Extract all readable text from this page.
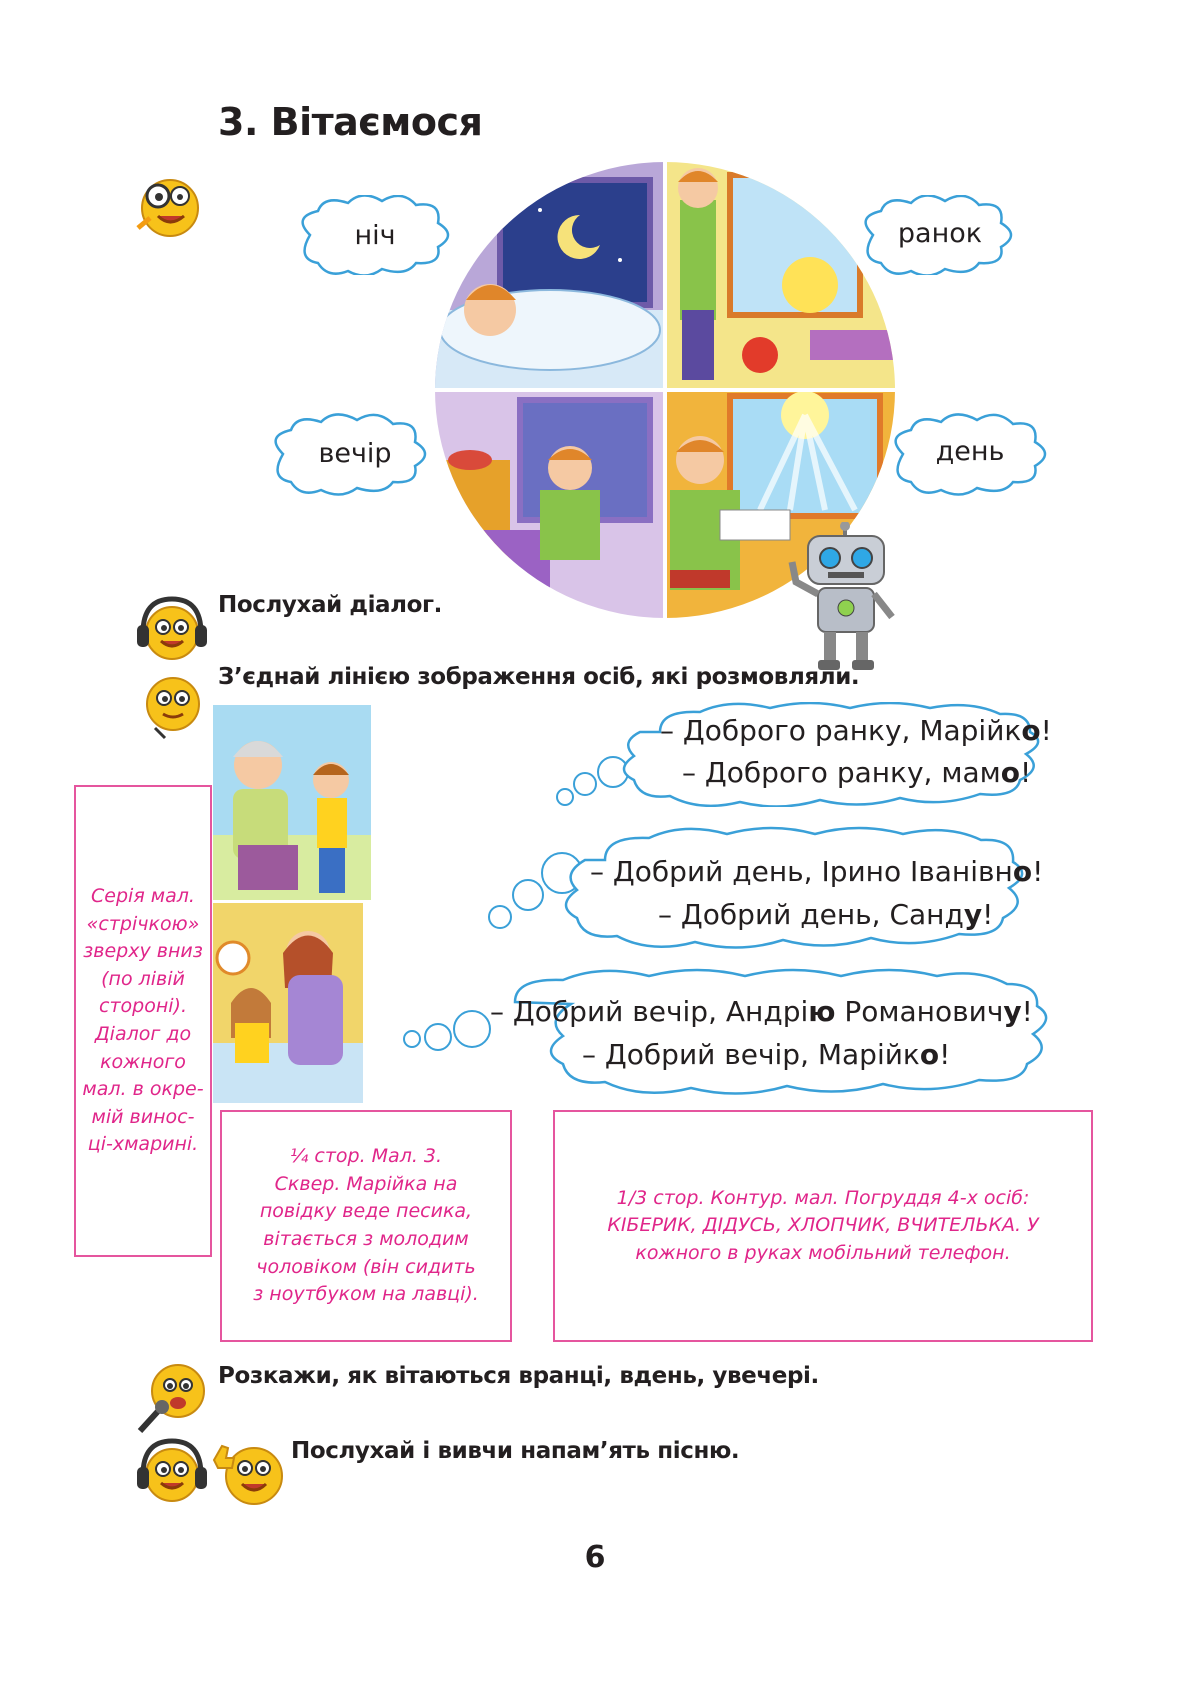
3. Вітаємося
ніч	ранок
вечір	день
Послухай діалог.
З’єднай лінією зображення осіб, які розмовляли.
– Доброго ранку, Марійко!
– Доброго ранку, мамо!
– Добрий день, Ірино Іванівно!
– Добрий день, Санду!
– Добрий вечір, Андрію Романовичу!
– Добрий вечір, Марійко!
Серія мал.
«стрічкою»
зверху вниз
(по лівій
стороні).
Діалог до
кожного
мал. в окре-
мій винос-
ці-хмарині.
¼ стор. Мал. 3.
Сквер. Марійка на
повідку веде песика,
вітається з молодим
чоловіком (він сидить
з ноутбуком на лавці).
1/3 стор. Контур. мал. Погруддя 4-х осіб:
КІБЕРИК, ДІДУСЬ, ХЛОПЧИК, ВЧИТЕЛЬКА. У
кожного в руках мобільний телефон.
Розкажи, як вітаються вранці, вдень, увечері.
Послухай і вивчи напам’ять пісню.
6
